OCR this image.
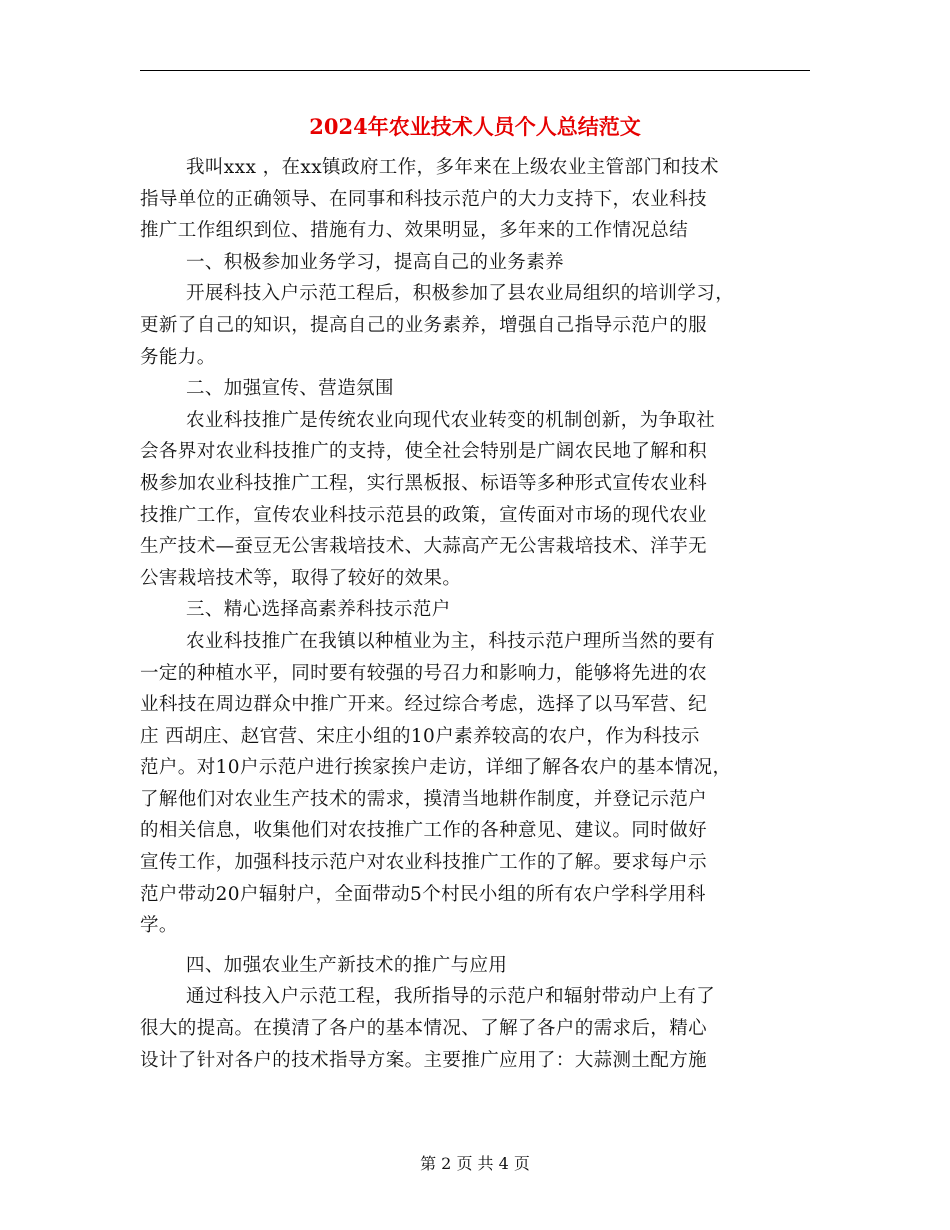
2024年农业技术人员个人总结范文
我叫xxx ，在xx镇政府工作，多年来在上级农业主管部门和技术
指导单位的正确领导、在同事和科技示范户的大力支持下，农业科技
推广工作组织到位、措施有力、效果明显，多年来的工作情况总结
一、积极参加业务学习，提高自己的业务素养
开展科技入户示范工程后，积极参加了县农业局组织的培训学习，
更新了自己的知识，提高自己的业务素养，增强自己指导示范户的服
务能力。
二、加强宣传、营造氛围
农业科技推广是传统农业向现代农业转变的机制创新，为争取社
会各界对农业科技推广的支持，使全社会特别是广阔农民地了解和积
极参加农业科技推广工程，实行黑板报、标语等多种形式宣传农业科
技推广工作，宣传农业科技示范县的政策，宣传面对市场的现代农业
生产技术—蚕豆无公害栽培技术、大蒜高产无公害栽培技术、洋芋无
公害栽培技术等，取得了较好的效果。
三、精心选择高素养科技示范户
农业科技推广在我镇以种植业为主，科技示范户理所当然的要有
一定的种植水平，同时要有较强的号召力和影响力，能够将先进的农
业科技在周边群众中推广开来。经过综合考虑，选择了以马军营、纪
庄 西胡庄、赵官营、宋庄小组的10户素养较高的农户，作为科技示
范户。对10户示范户进行挨家挨户走访，详细了解各农户的基本情况，
了解他们对农业生产技术的需求，摸清当地耕作制度，并登记示范户
的相关信息，收集他们对农技推广工作的各种意见、建议。同时做好
宣传工作，加强科技示范户对农业科技推广工作的了解。要求每户示
范户带动20户辐射户，全面带动5个村民小组的所有农户学科学用科
学。
四、加强农业生产新技术的推广与应用
通过科技入户示范工程，我所指导的示范户和辐射带动户上有了
很大的提高。在摸清了各户的基本情况、了解了各户的需求后，精心
设计了针对各户的技术指导方案。主要推广应用了：大蒜测土配方施
第 2 页 共 4 页
